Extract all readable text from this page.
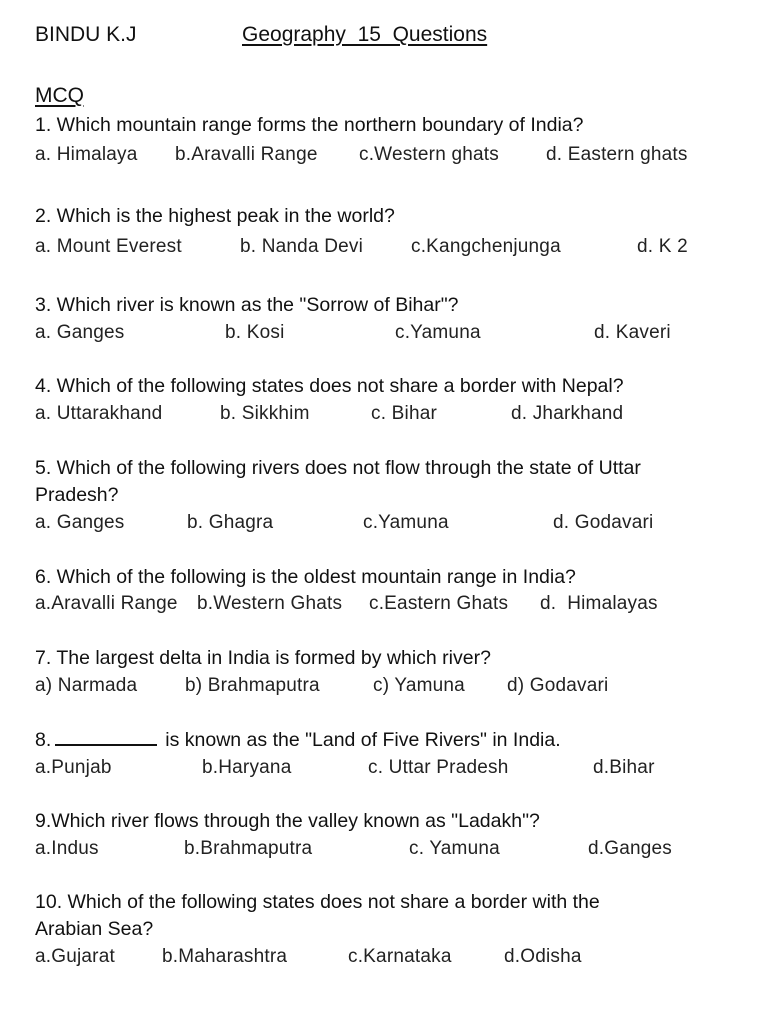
BINDU K.J	Geography  15  Questions
MCQ
1. Which mountain range forms the northern boundary of India?
a. Himalaya b.Aravalli Range c.Western ghats d. Eastern ghats
2. Which is the highest peak in the world?
a. Mount Everest	b. Nanda Devi	c.Kangchenjunga	d. K 2
3. Which river is known as the "Sorrow of Bihar"?
a. Ganges	b. Kosi	c.Yamuna	d. Kaveri
4. Which of the following states does not share a border with Nepal?
a. Uttarakhand	b. Sikkhim	c. Bihar	d. Jharkhand
5. Which of the following rivers does not flow through the state of Uttar
Pradesh?
a. Ganges	b. Ghagra	c.Yamuna	d. Godavari
6. Which of the following is the oldest mountain range in India?
a.Aravalli Range b.Western Ghats c.Eastern Ghats d.  Himalayas
7. The largest delta in India is formed by which river?
a) Narmada	b) Brahmaputra	c) Yamuna d) Godavari
8.	is known as the "Land of Five Rivers" in India.
a.Punjab	b.Haryana	c. Uttar Pradesh	d.Bihar
9.Which river flows through the valley known as "Ladakh"?
a.Indus	b.Brahmaputra	c. Yamuna	d.Ganges
10. Which of the following states does not share a border with the
Arabian Sea?
a.Gujarat b.Maharashtra	c.Karnataka	d.Odisha
